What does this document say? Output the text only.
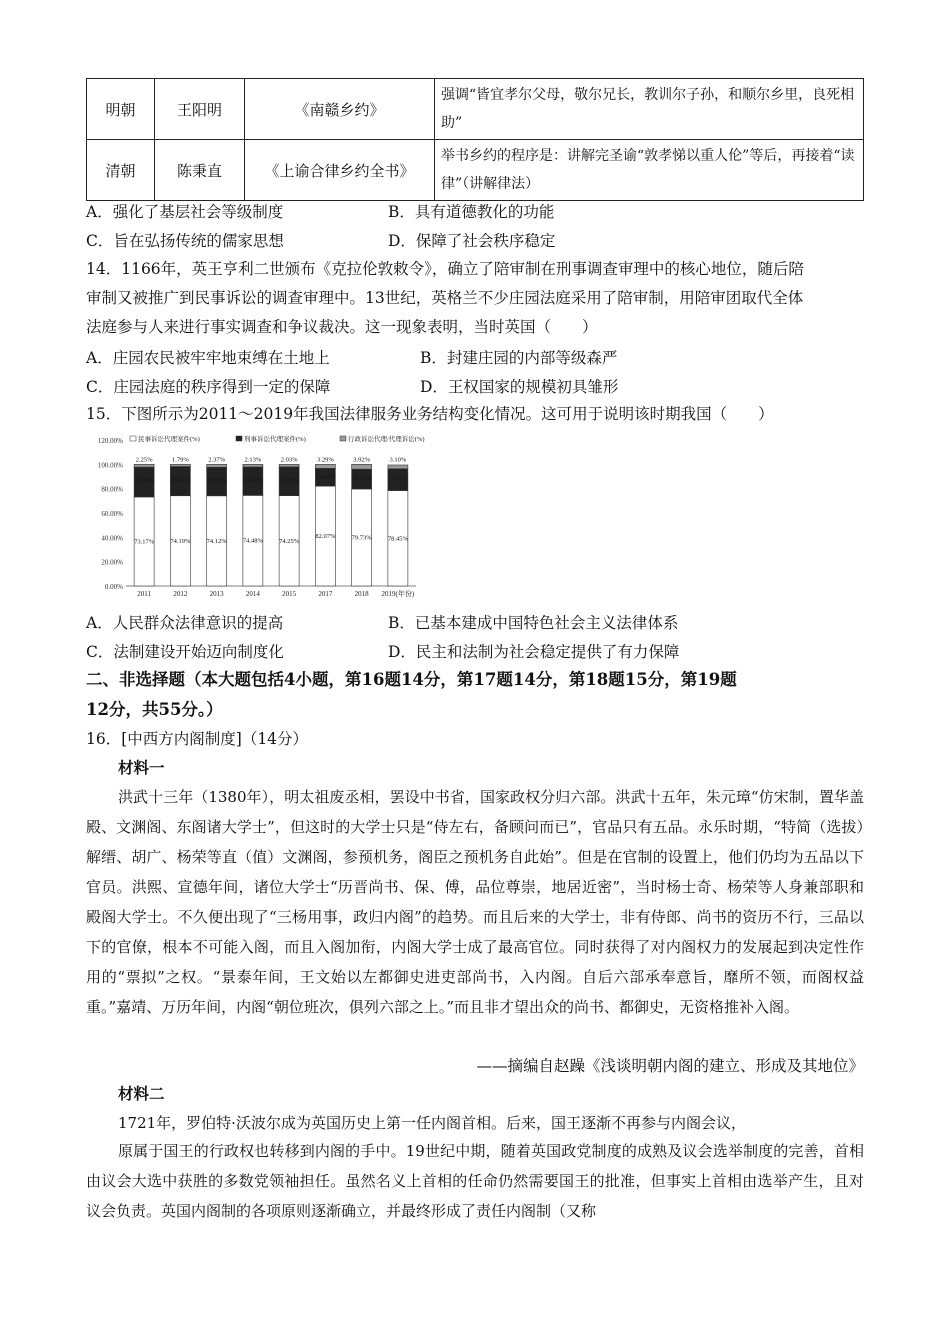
明朝	王阳明	《南赣乡约》	强调“皆宜孝尔父母，敬尔兄长，教训尔子孙，和顺尔乡里，良死相助”
清朝	陈秉直	《上谕合律乡约全书》	举书乡约的程序是：讲解完圣谕“敦孝悌以重人伦”等后，再接着“读律”（讲解律法）
A．强化了基层社会等级制度	B．具有道德教化的功能
C．旨在弘扬传统的儒家思想	D．保障了社会秩序稳定
14．1166年，英王亨利二世颁布《克拉伦敦敕令》，确立了陪审制在刑事调查审理中的核心地位，随后陪
审制又被推广到民事诉讼的调查审理中。13世纪，英格兰不少庄园法庭采用了陪审制，用陪审团取代全体
法庭参与人来进行事实调查和争议裁决。这一现象表明，当时英国（　　）
A．庄园农民被牢牢地束缚在土地上	B．封建庄园的内部等级森严
C．庄园法庭的秩序得到一定的保障	D．王权国家的规模初具雏形
15．下图所示为2011～2019年我国法律服务业务结构变化情况。这可用于说明该时期我国（　　）
0.00%
20.00%
40.00%
60.00%
80.00%
100.00%
120.00% 民事诉讼代理案件(%)	刑事诉讼代理案件(%)	行政诉讼代理/代理诉讼(%)
2011
73.17%
24.58%
2.25%
2012
74.19%
24.02%
1.79%
2013
74.12%
23.51%
2.37%
2014
74.48%
23.40%
2.13%
2015
74.25%
23.72%
2.03%
2017
82.07%
14.64%
3.29%
2018
79.73%
16.35%
3.92%
2019(年份)
78.45%
17.91%
3.10%
A．人民群众法律意识的提高	B．已基本建成中国特色社会主义法律体系
C．法制建设开始迈向制度化	D．民主和法制为社会稳定提供了有力保障
二、非选择题（本大题包括4小题，第16题14分，第17题14分，第18题15分，第19题
12分，共55分。）
16．[中西方内阁制度]（14分）
材料一
洪武十三年（1380年），明太祖废丞相，罢设中书省，国家政权分归六部。洪武十五年，朱元璋“仿宋制，置华盖殿、文渊阁、东阁诸大学士”，但这时的大学士只是“侍左右，备顾问而已”，官品只有五品。永乐时期，“特简（选拔）解缙、胡广、杨荣等直（值）文渊阁，参预机务，阁臣之预机务自此始”。但是在官制的设置上，他们仍均为五品以下官员。洪熙、宣德年间，诸位大学士“历晋尚书、保、傅，品位尊崇，地居近密”，当时杨士奇、杨荣等人身兼部职和殿阁大学士。不久便出现了“三杨用事，政归内阁”的趋势。而且后来的大学士，非有侍郎、尚书的资历不行，三品以下的官僚，根本不可能入阁，而且入阁加衔，内阁大学士成了最高官位。同时获得了对内阁权力的发展起到决定性作用的“票拟”之权。“景泰年间，王文始以左都御史进吏部尚书，入内阁。自后六部承奉意旨，靡所不领，而阁权益重。”嘉靖、万历年间，内阁“朝位班次，俱列六部之上。”而且非才望出众的尚书、都御史，无资格推补入阁。
——摘编自赵躁《浅谈明朝内阁的建立、形成及其地位》
材料二
1721年，罗伯特·沃波尔成为英国历史上第一任内阁首相。后来，国王逐渐不再参与内阁会议，
原属于国王的行政权也转移到内阁的手中。19世纪中期，随着英国政党制度的成熟及议会选举制度的完善，首相由议会大选中获胜的多数党领袖担任。虽然名义上首相的任命仍然需要国王的批准，但事实上首相由选举产生，且对议会负责。英国内阁制的各项原则逐渐确立，并最终形成了责任内阁制（又称
